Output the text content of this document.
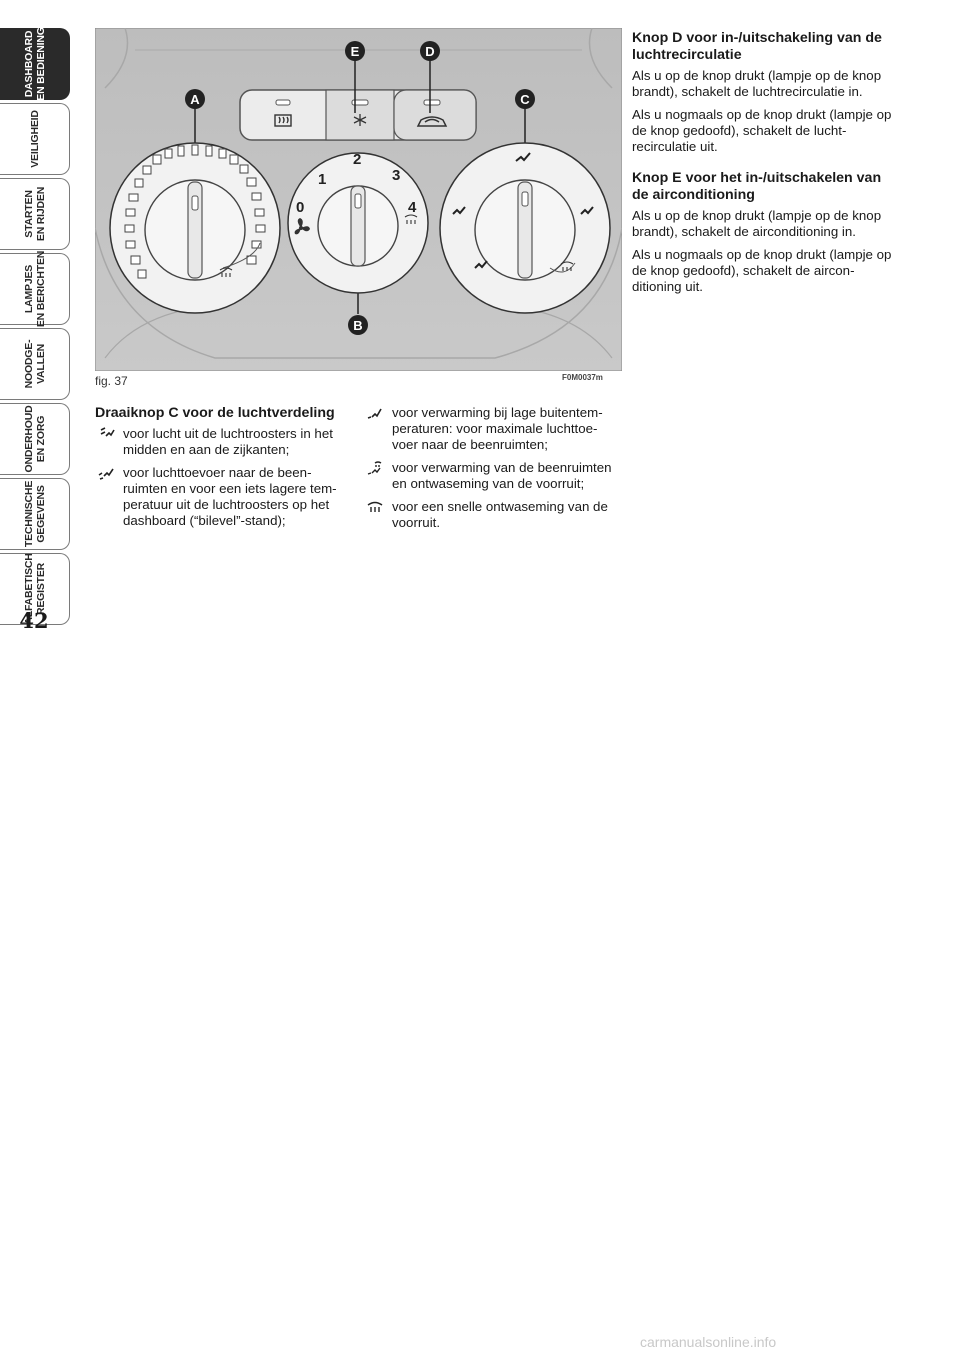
DASHBOARD
EN BEDIENING
VEILIGHEID
STARTEN
EN RIJDEN
LAMPJES
EN BERICHTEN
NOODGE-
VALLEN
ONDERHOUD
EN ZORG
TECHNISCHE
GEGEVENS
ALFABETISCH
REGISTER
42
0
1
2
3
4
A
E	D
C
B
fig. 37	F0M0037m
Draaiknop C voor de luchtverdeling
voor lucht uit de luchtroosters in het midden en aan de zijkanten;
voor luchttoevoer naar de been-ruimten en voor een iets lagere tem-peratuur uit de luchtroosters op het dashboard (“bilevel”-stand);
voor verwarming bij lage buitentem-peraturen: voor maximale luchttoe-voer naar de beenruimten;
voor verwarming van de beenruimten en ontwaseming van de voorruit;
voor een snelle ontwaseming van de voorruit.
Knop D voor in-/uitschakeling van de luchtrecirculatie

Als u op de knop drukt (lampje op de knop brandt), schakelt de luchtrecirculatie in.

Als u nogmaals op de knop drukt (lampje op de knop gedoofd), schakelt de lucht-recirculatie uit.

Knop E voor het in-/uitschakelen van de airconditioning

Als u op de knop drukt (lampje op de knop brandt), schakelt de airconditioning in.

Als u nogmaals op de knop drukt (lampje op de knop gedoofd), schakelt de aircon-ditioning uit.

carmanualsonline.info
